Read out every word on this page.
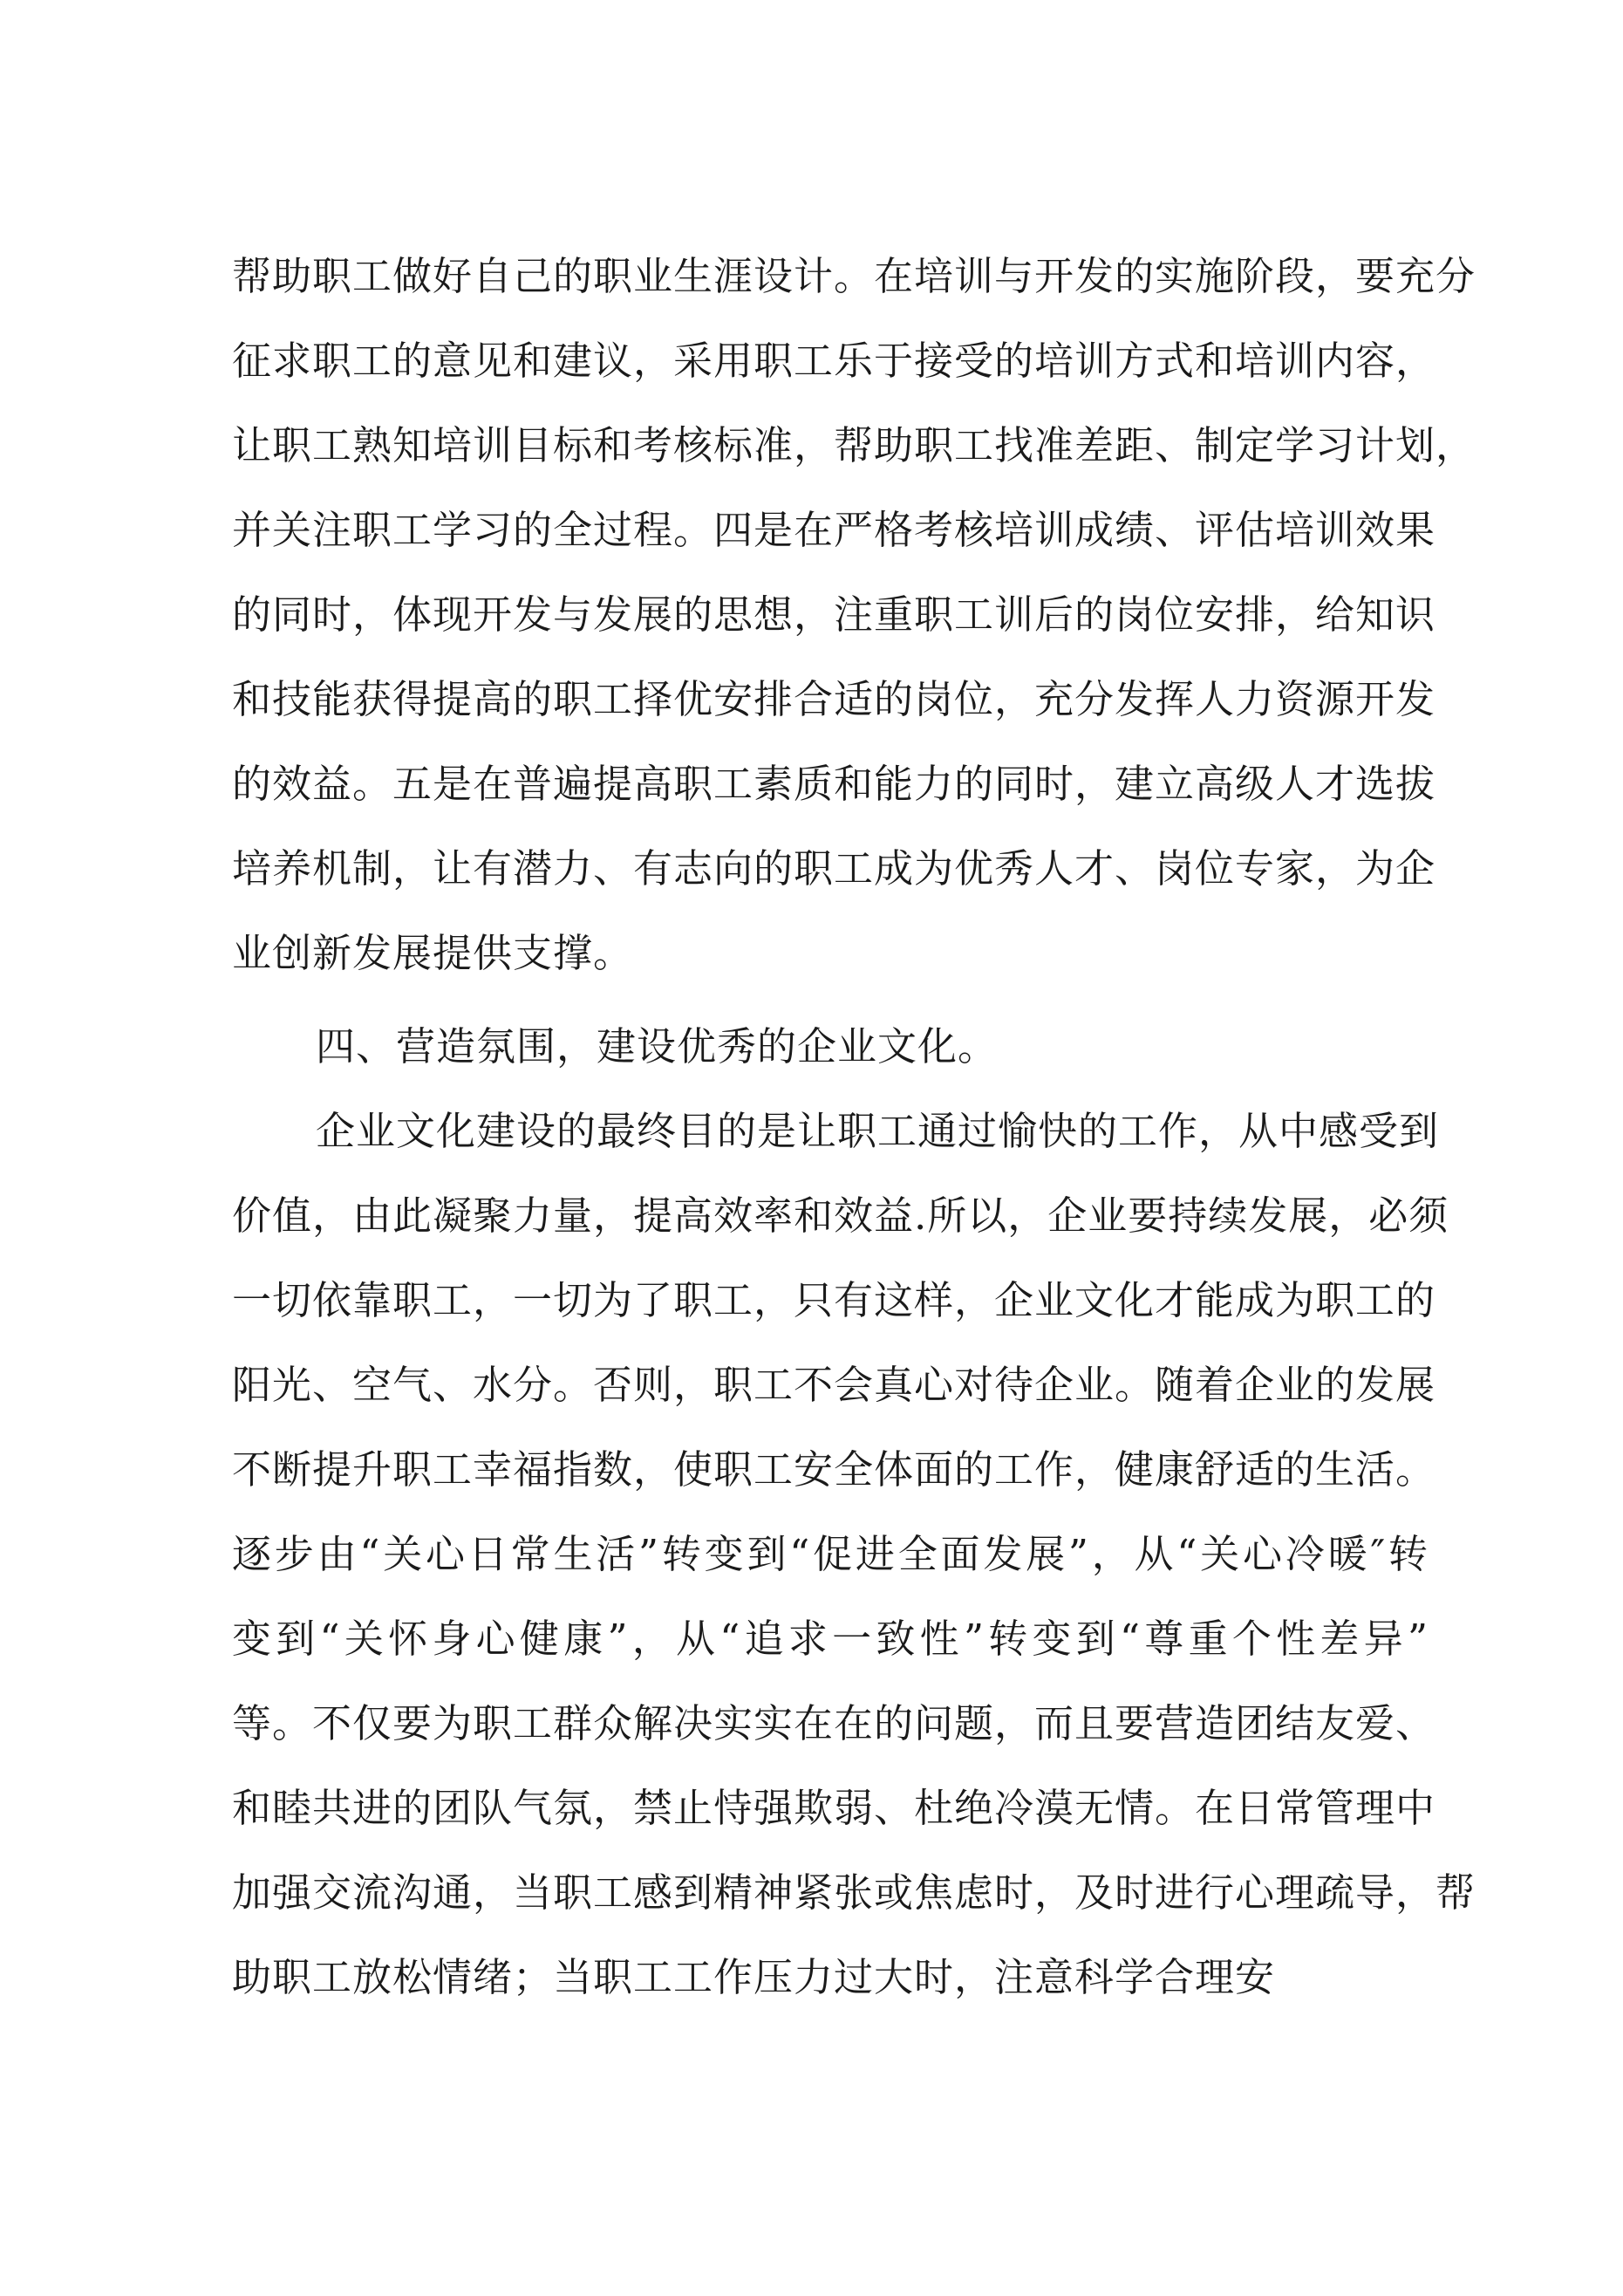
帮助职工做好自己的职业生涯设计。在培训与开发的实施阶段，要充分
征求职工的意见和建议，采用职工乐于接受的培训方式和培训内容，
让职工熟知培训目标和考核标准，帮助职工找准差距、制定学习计划，
并关注职工学习的全过程。四是在严格考核培训成绩、评估培训效果
的同时，体现开发与发展的思想，注重职工训后的岗位安排，给知识
和技能获得提高的职工择优安排合适的岗位，充分发挥人力资源开发
的效益。五是在普遍提高职工素质和能力的同时，建立高级人才选拔
培养机制，让有潜力、有志向的职工成为优秀人才、岗位专家，为企
业创新发展提供支撑。
四、营造氛围，建设优秀的企业文化。
企业文化建设的最终目的是让职工通过愉快的工作，从中感受到
价值，由此凝聚力量，提高效率和效益.所以，企业要持续发展，必须
一切依靠职工，一切为了职工，只有这样，企业文化才能成为职工的
阳光、空气、水分。否则，职工不会真心对待企业。随着企业的发展
不断提升职工幸福指数，使职工安全体面的工作，健康舒适的生活。
逐步由“关心日常生活”转变到“促进全面发展”，从“关心冷暖″转
变到“关怀身心健康”，从“追求一致性”转变到“尊重个性差异”
等。不仅要为职工群众解决实实在在的问题，而且要营造团结友爱、
和睦共进的团队气氛，禁止恃强欺弱、杜绝冷漠无情。在日常管理中
加强交流沟通，当职工感到精神紧张或焦虑时，及时进行心理疏导，帮
助职工放松情绪；当职工工作压力过大时，注意科学合理安
